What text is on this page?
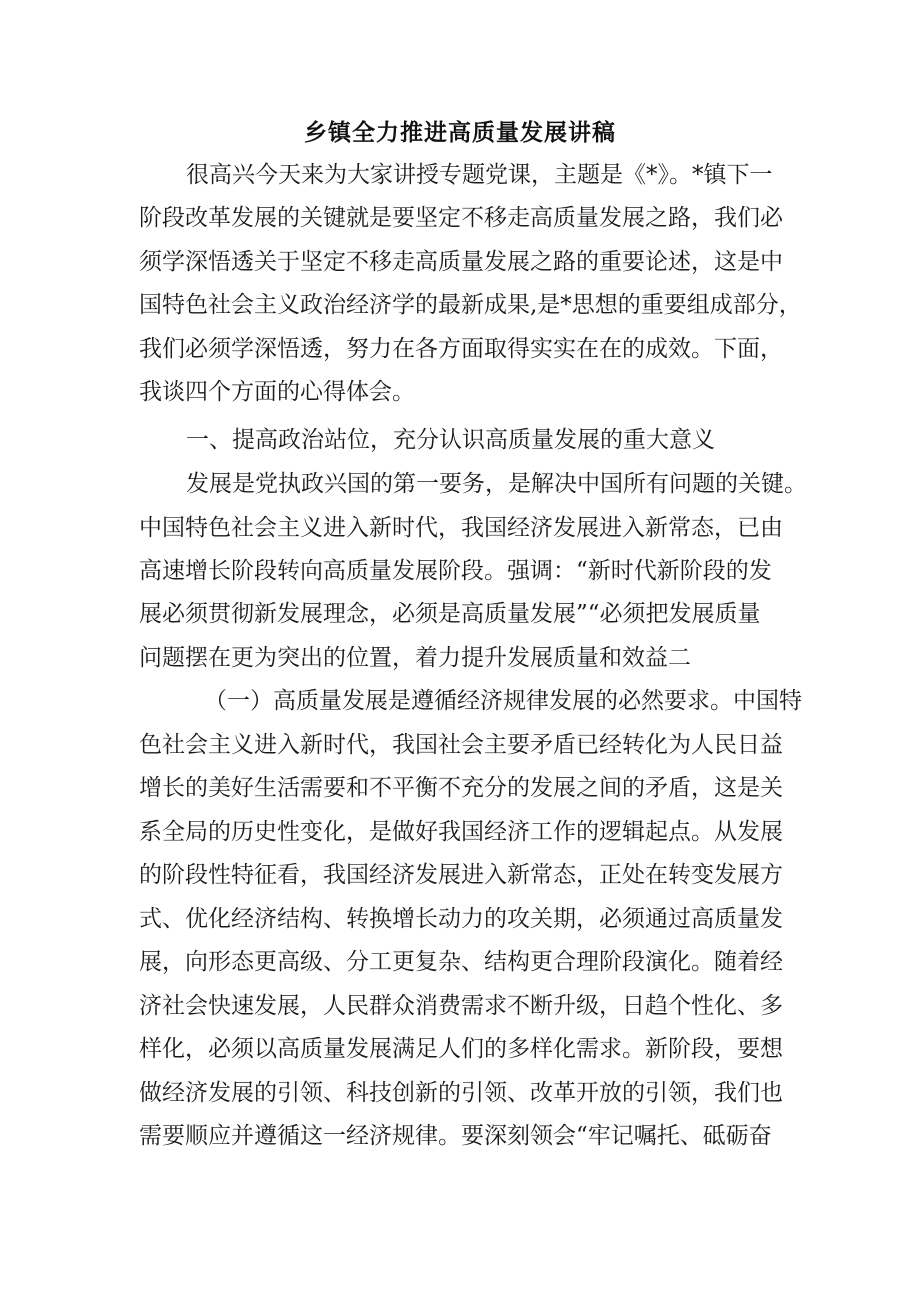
乡镇全力推进高质量发展讲稿
很高兴今天来为大家讲授专题党课，主题是《*》。*镇下一
阶段改革发展的关键就是要坚定不移走高质量发展之路，我们必
须学深悟透关于坚定不移走高质量发展之路的重要论述，这是中
国特色社会主义政治经济学的最新成果,是*思想的重要组成部分，
我们必须学深悟透，努力在各方面取得实实在在的成效。下面，
我谈四个方面的心得体会。
一、提高政治站位，充分认识高质量发展的重大意义
发展是党执政兴国的第一要务，是解决中国所有问题的关键。
中国特色社会主义进入新时代，我国经济发展进入新常态，已由
高速增长阶段转向高质量发展阶段。强调：“新时代新阶段的发
展必须贯彻新发展理念，必须是高质量发展”“必须把发展质量
问题摆在更为突出的位置，着力提升发展质量和效益二
（一）高质量发展是遵循经济规律发展的必然要求。中国特
色社会主义进入新时代，我国社会主要矛盾已经转化为人民日益
增长的美好生活需要和不平衡不充分的发展之间的矛盾，这是关
系全局的历史性变化，是做好我国经济工作的逻辑起点。从发展
的阶段性特征看，我国经济发展进入新常态，正处在转变发展方
式、优化经济结构、转换增长动力的攻关期，必须通过高质量发
展，向形态更高级、分工更复杂、结构更合理阶段演化。随着经
济社会快速发展，人民群众消费需求不断升级，日趋个性化、多
样化，必须以高质量发展满足人们的多样化需求。新阶段，要想
做经济发展的引领、科技创新的引领、改革开放的引领，我们也
需要顺应并遵循这一经济规律。要深刻领会“牢记嘱托、砥砺奋
